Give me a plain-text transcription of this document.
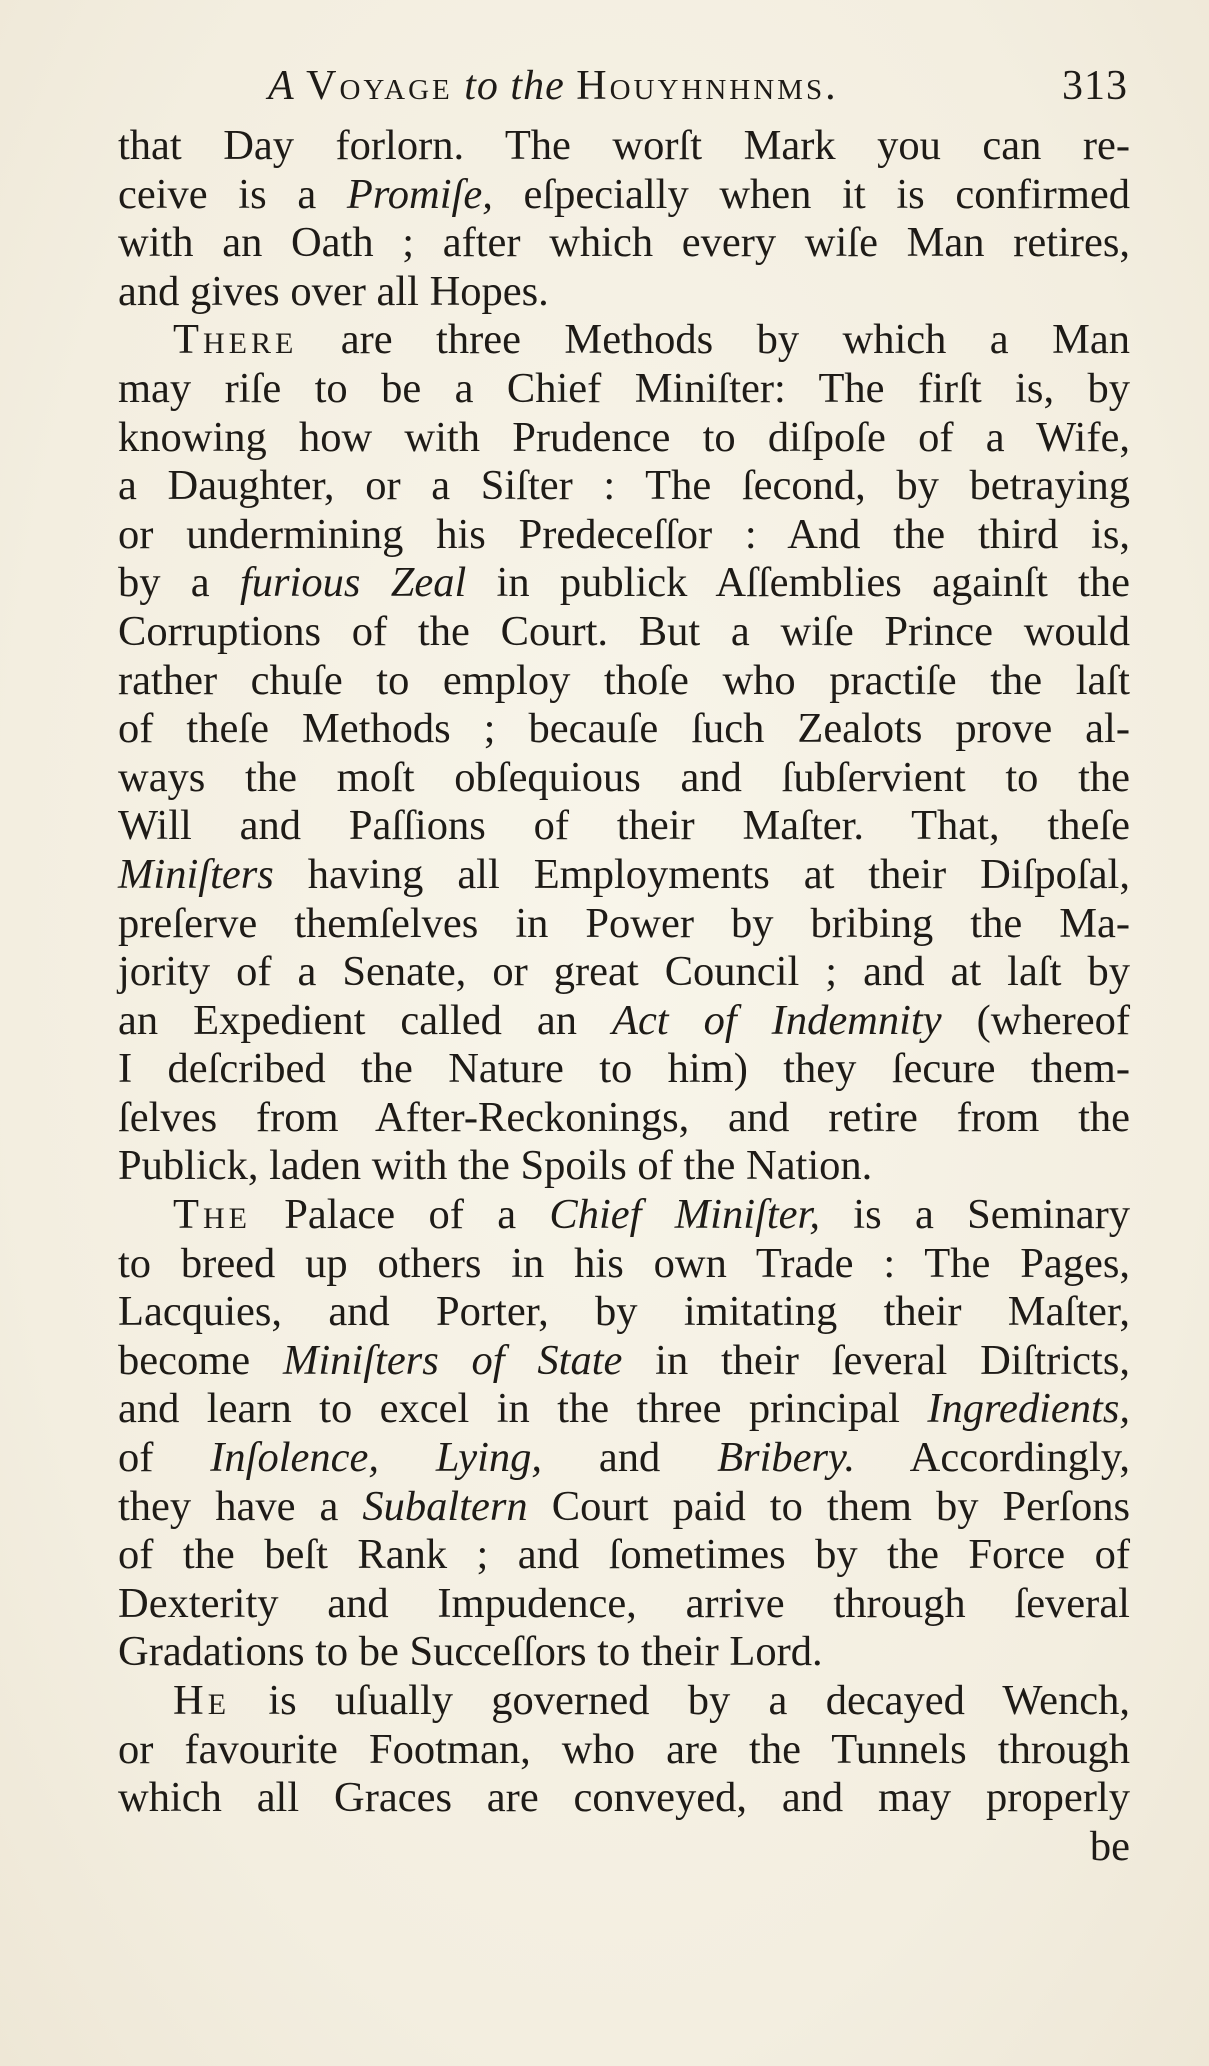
A Voyage to the Houyhnhnms.	313
that Day forlorn. The worſt Mark you can re-
ceive is a Promiſe, eſpecially when it is confirmed
with an Oath ; after which every wiſe Man retires,
and gives over all Hopes.
There are three Methods by which a Man
may riſe to be a Chief Miniſter: The firſt is, by
knowing how with Prudence to diſpoſe of a Wife,
a Daughter, or a Siſter : The ſecond, by betraying
or undermining his Predeceſſor : And the third is,
by a furious Zeal in publick Aſſemblies againſt the
Corruptions of the Court. But a wiſe Prince would
rather chuſe to employ thoſe who practiſe the laſt
of theſe Methods ; becauſe ſuch Zealots prove al-
ways the moſt obſequious and ſubſervient to the
Will and Paſſions of their Maſter. That, theſe
Miniſters having all Employments at their Diſpoſal,
preſerve themſelves in Power by bribing the Ma-
jority of a Senate, or great Council ; and at laſt by
an Expedient called an Act of Indemnity (whereof
I deſcribed the Nature to him) they ſecure them-
ſelves from After-Reckonings, and retire from the
Publick, laden with the Spoils of the Nation.
The Palace of a Chief Miniſter, is a Seminary
to breed up others in his own Trade : The Pages,
Lacquies, and Porter, by imitating their Maſter,
become Miniſters of State in their ſeveral Diſtricts,
and learn to excel in the three principal Ingredients,
of Inſolence, Lying, and Bribery. Accordingly,
they have a Subaltern Court paid to them by Perſons
of the beſt Rank ; and ſometimes by the Force of
Dexterity and Impudence, arrive through ſeveral
Gradations to be Succeſſors to their Lord.
He is uſually governed by a decayed Wench,
or favourite Footman, who are the Tunnels through
which all Graces are conveyed, and may properly
be
